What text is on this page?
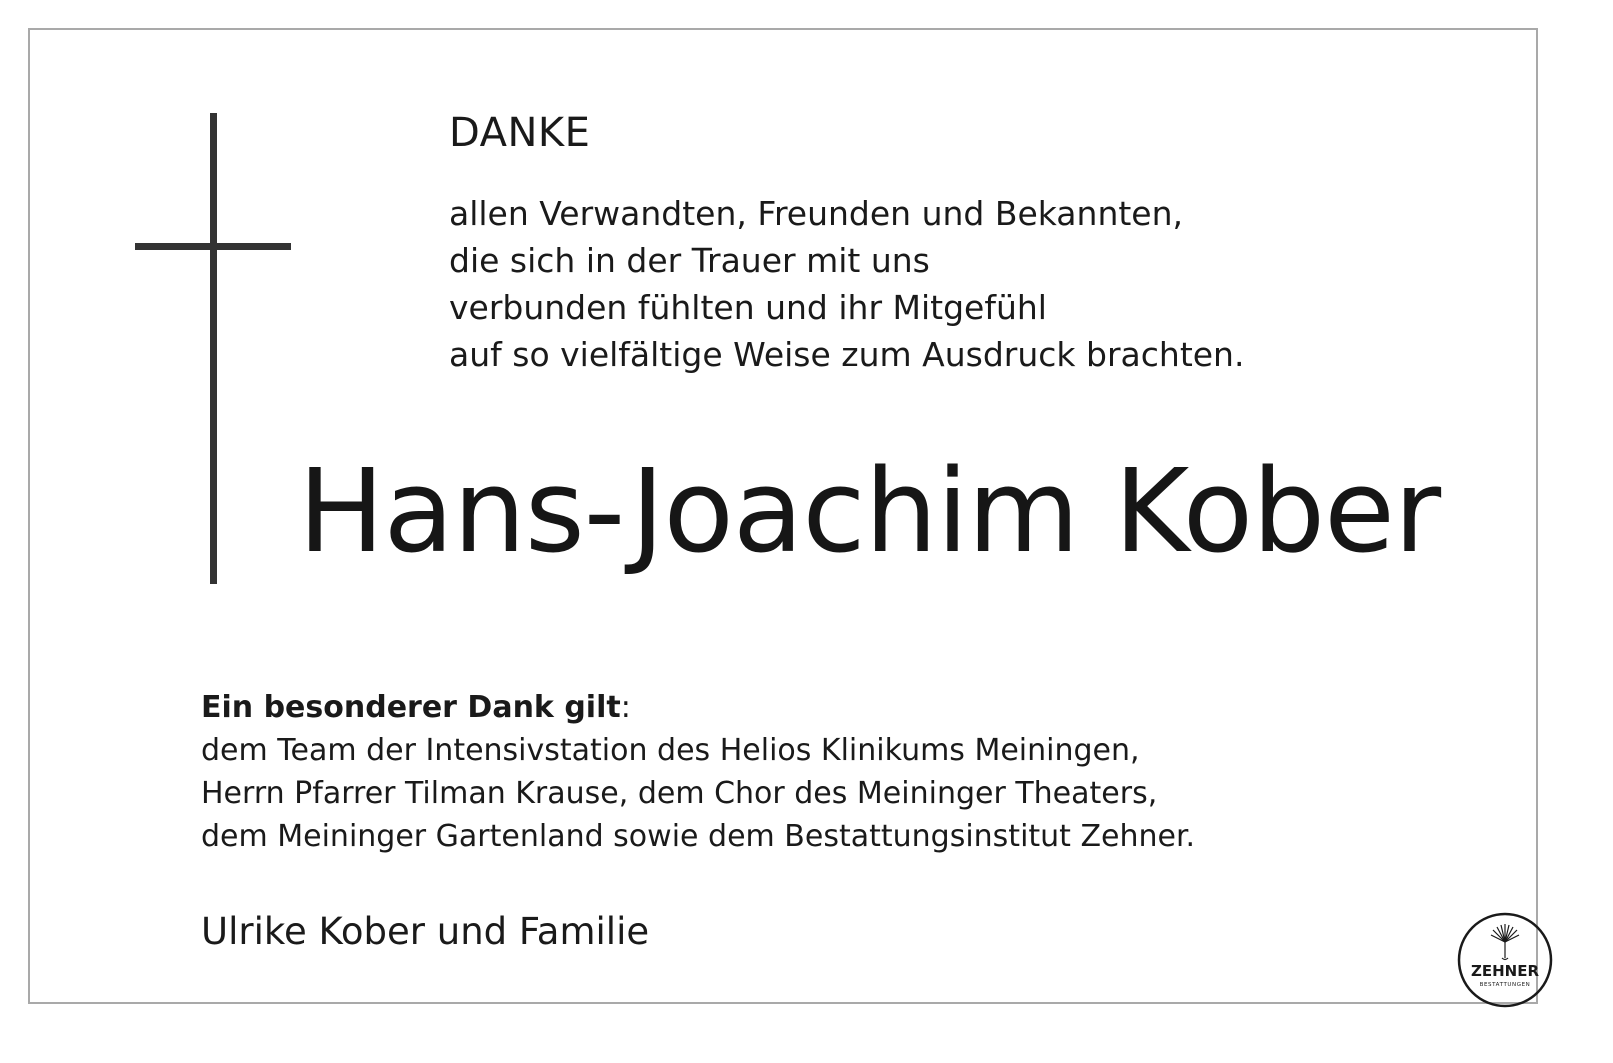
DANKE

allen Verwandten, Freunden und Bekannten,
die sich in der Trauer mit uns
verbunden fühlten und ihr Mitgefühl
auf so vielfältige Weise zum Ausdruck brachten.

Hans-Joachim Kober

Ein besonderer Dank gilt:
dem Team der Intensivstation des Helios Klinikums Meiningen,
Herrn Pfarrer Tilman Krause, dem Chor des Meininger Theaters,
dem Meininger Gartenland sowie dem Bestattungsinstitut Zehner.

Ulrike Kober und Familie

ZEHNER
BESTATTUNGEN
